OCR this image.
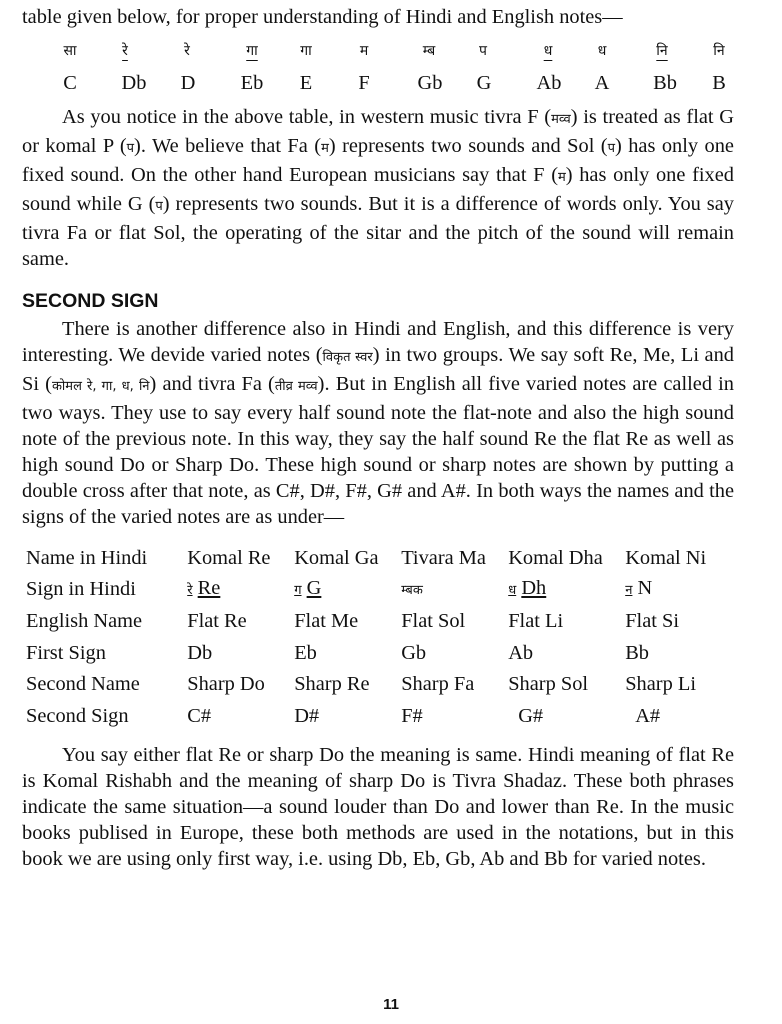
table given below, for proper understanding of Hindi and English notes—

सा	रे	रे	गा	गा	म	म्ब	प	ध	ध	नि	नि
C	Db	D	Eb	E	F	Gb	G	Ab	A	Bb	B

As you notice in the above table, in western music tivra F (मव्व) is treated as flat G or komal P (प). We believe that Fa (म) represents two sounds and Sol (प) has only one fixed sound. On the other hand European musicians say that F (म) has only one fixed sound while G (प) represents two sounds. But it is a difference of words only. You say tivra Fa or flat Sol, the operating of the sitar and the pitch of the sound will remain same.

SECOND SIGN

There is another difference also in Hindi and English, and this difference is very interesting. We devide varied notes (विकृत स्वर) in two groups. We say soft Re, Me, Li and Si (कोमल रे, गा, ध, नि) and tivra Fa (तीव्र मव्व). But in English all five varied notes are called in two ways. They use to say every half sound note the flat-note and also the high sound note of the previous note. In this way, they say the half sound Re the flat Re as well as high sound Do or Sharp Do. These high sound or sharp notes are shown by putting a double cross after that note, as C#, D#, F#, G# and A#. In both ways the names and the signs of the varied notes are as under—

Name in Hindi	Komal Re	Komal Ga	Tivara Ma	Komal Dha	Komal Ni
Sign in Hindi	रे Re	ग G	म्बक	ध Dh	न N
English Name	Flat Re	Flat Me	Flat Sol	Flat Li	Flat Si
First Sign	Db	Eb	Gb	Ab	Bb
Second Name	Sharp Do	Sharp Re	Sharp Fa	Sharp Sol	Sharp Li
Second Sign	C#	D#	F#	G#	A#

You say either flat Re or sharp Do the meaning is same. Hindi meaning of flat Re is Komal Rishabh and the meaning of sharp Do is Tivra Shadaz. These both phrases indicate the same situation—a sound louder than Do and lower than Re. In the music books publised in Europe, these both methods are used in the notations, but in this book we are using only first way, i.e. using Db, Eb, Gb, Ab and Bb for varied notes.

11
